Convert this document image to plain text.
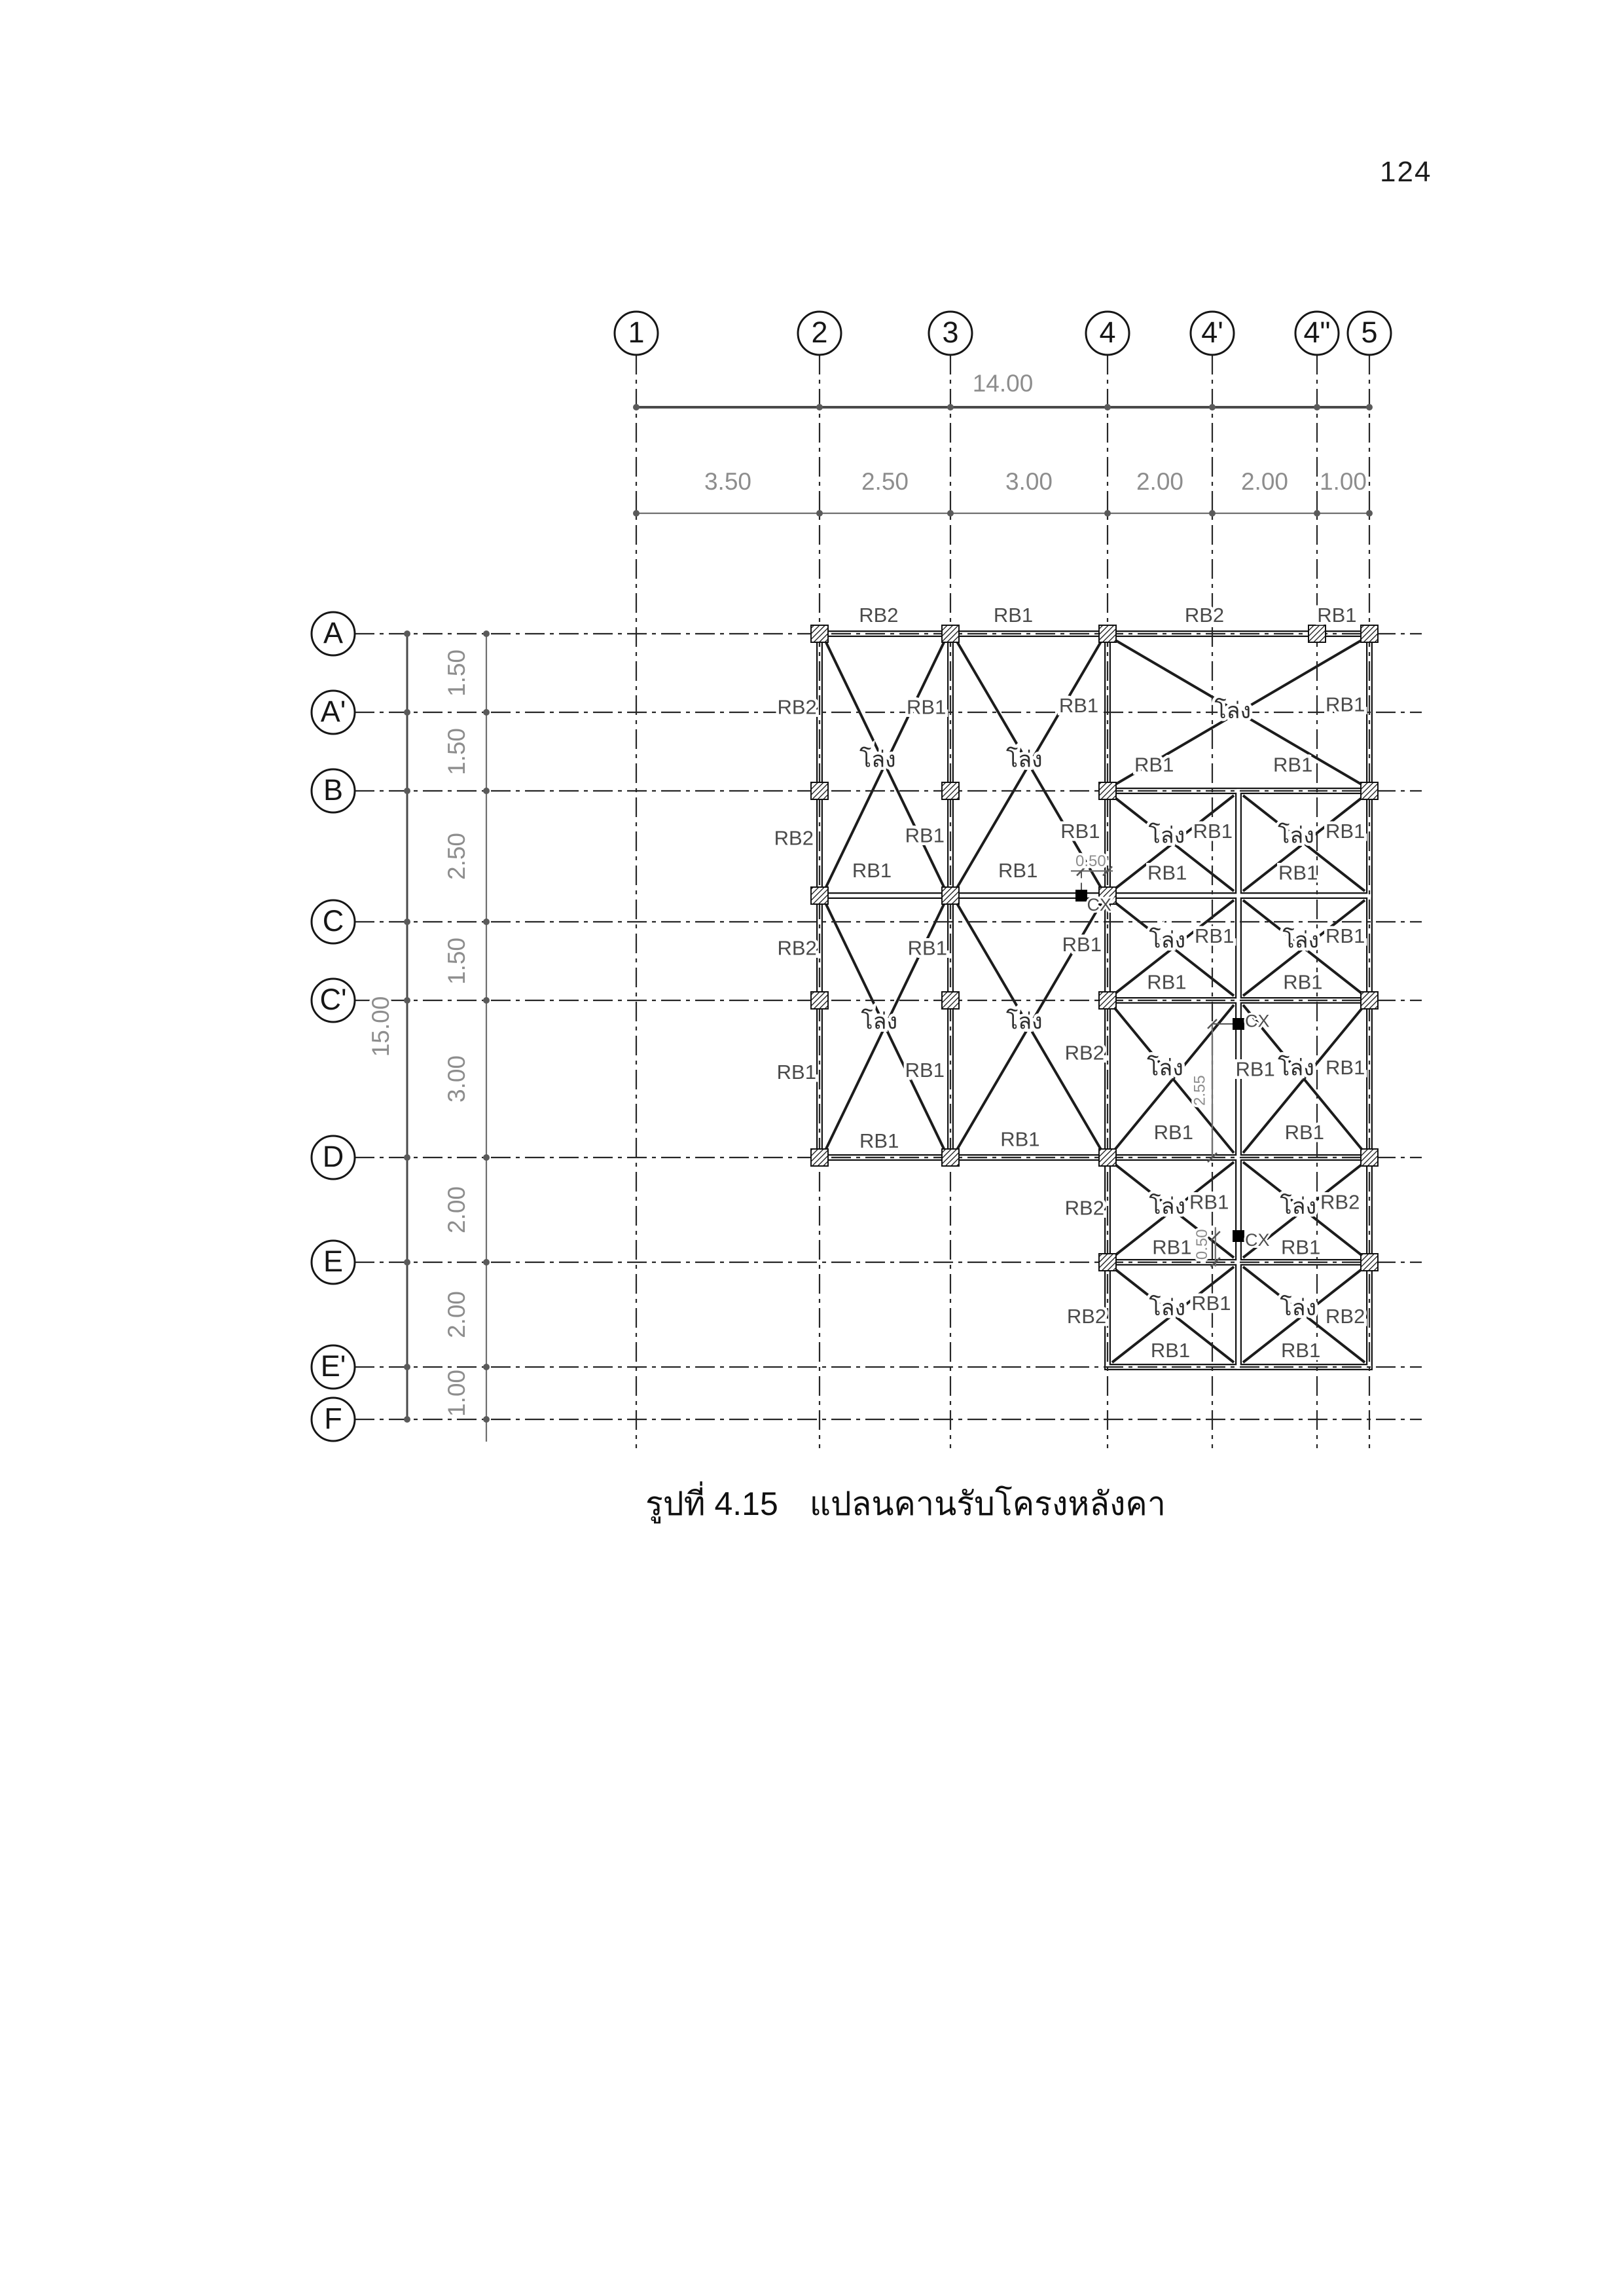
124
1	2	3	4	4'	4" 5
A
A'
B
C
C'
D
E
E'
F
14.00
3.50	2.50	3.00	2.00 2.00 1.00
15.00
1.50
1.50
2.50
1.50
3.00
2.00
2.00
1.00
0.50
2.55
0.50
CX
CX
CX
RB2	RB1	RB2	RB1
RB2	RB1	RB1	RB1
RB1	RB1
RB2	RB1	RB1	RB1	RB1
RB1	RB1	RB1	RB1
RB2	RB1	RB1	RB1	RB1
RB1	RB1
RB1	RB1
RB2
RB1 RB1
RB1	RB1	RB1	RB1
RB2	RB1	RB2
RB1	RB1
RB2
RB1
RB2
RB1	RB1
โล่ง	โล่ง
โล่ง
โล่ง	โล่ง
โล่ง	โล่ง
โล่ง	โล่ง
โล่ง	โล่ง
โล่ง	โล่ง
โล่ง	โล่ง
รูปที่ 4.15 แปลนคานรับโครงหลังคา
